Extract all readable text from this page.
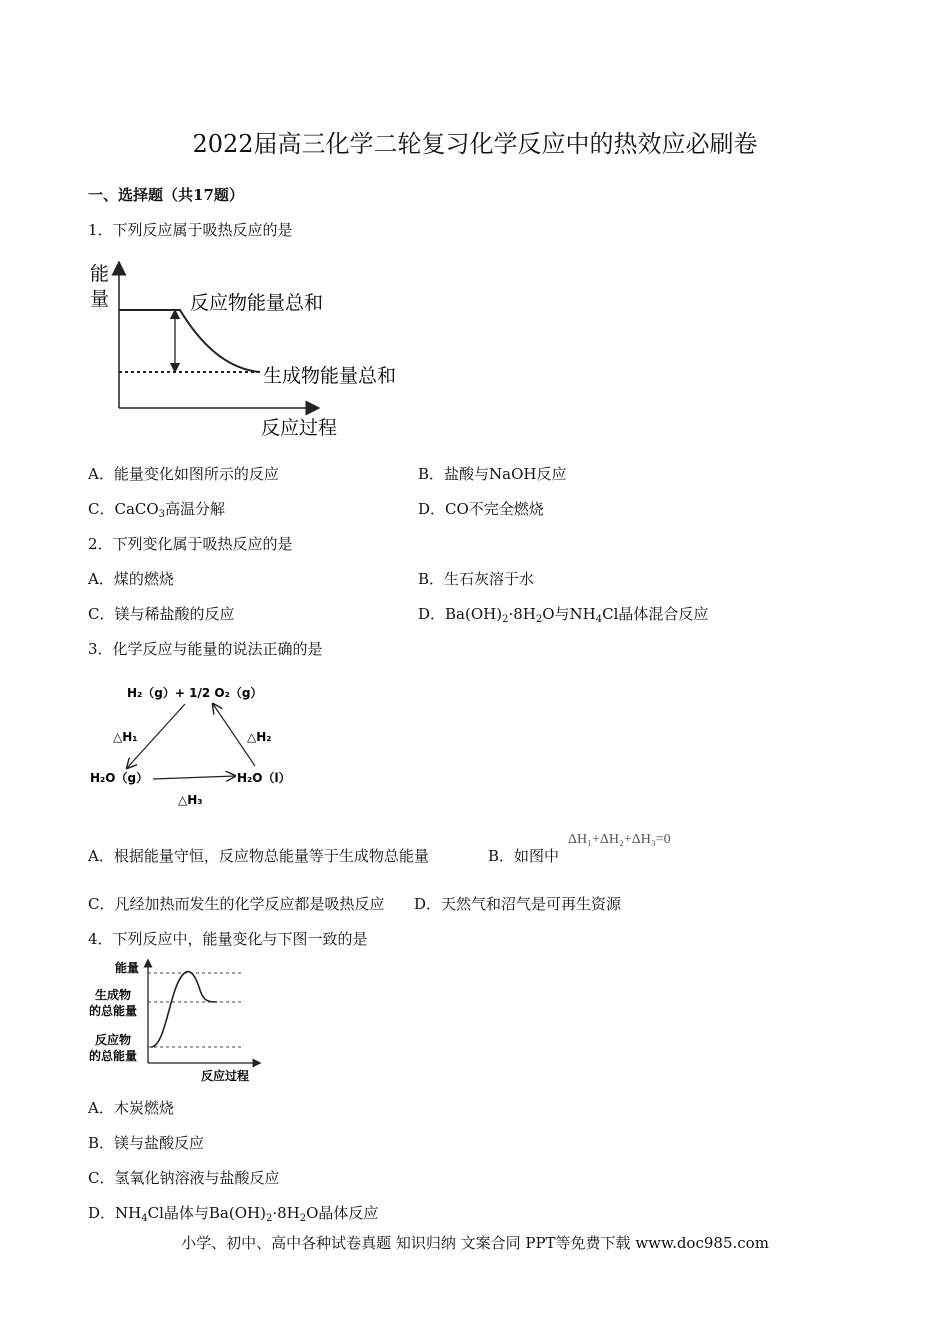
2022届高三化学二轮复习化学反应中的热效应必刷卷
一、选择题（共17题）
1．下列反应属于吸热反应的是
能
量	反应物能量总和
生成物能量总和
反应过程
A．能量变化如图所示的反应	B．盐酸与NaOH反应
C．CaCO$_3$高温分解	D．CO不完全燃烧
2．下列变化属于吸热反应的是
A．煤的燃烧	B．生石灰溶于水
C．镁与稀盐酸的反应	D．$Ba(OH)_2\cdot 8H_2O$与$NH_4Cl$晶体混合反应
3．化学反应与能量的说法正确的是
H₂（g）+ 1/2 O₂（g）
H₂O（g）	H₂O（l）
△H₁	△H₂
△H₃
A．根据能量守恒，反应物总能量等于生成物总能量	B．如图中
ΔH₁+ΔH₂+ΔH₃=0
C．凡经加热而发生的化学反应都是吸热反应 D．天然气和沼气是可再生资源
4．下列反应中，能量变化与下图一致的是
能量
生成物
的总能量
反应物
的总能量
反应过程
A．木炭燃烧
B．镁与盐酸反应
C．氢氧化钠溶液与盐酸反应
D．$NH_4Cl$晶体与$Ba(OH)_2\cdot 8H_2O$晶体反应
小学、初中、高中各种试卷真题 知识归纳 文案合同 PPT等免费下载 www.doc985.com
